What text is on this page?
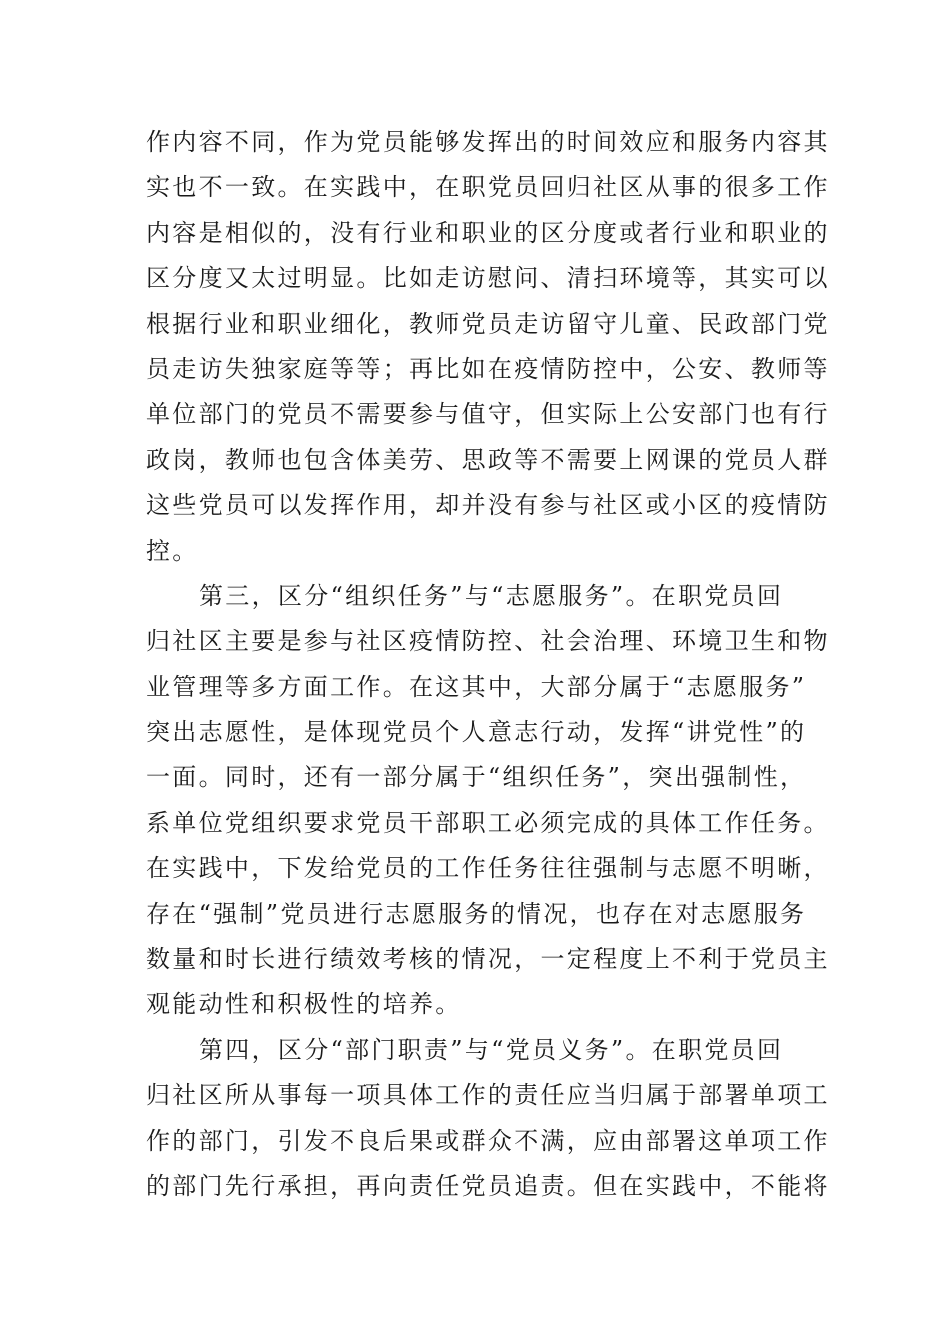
作内容不同，作为党员能够发挥出的时间效应和服务内容其
实也不一致。在实践中，在职党员回归社区从事的很多工作
内容是相似的，没有行业和职业的区分度或者行业和职业的
区分度又太过明显。比如走访慰问、清扫环境等，其实可以
根据行业和职业细化，教师党员走访留守儿童、民政部门党
员走访失独家庭等等；再比如在疫情防控中，公安、教师等
单位部门的党员不需要参与值守，但实际上公安部门也有行
政岗，教师也包含体美劳、思政等不需要上网课的党员人群
这些党员可以发挥作用，却并没有参与社区或小区的疫情防
控。
第三，区分“组织任务”与“志愿服务”。在职党员回
归社区主要是参与社区疫情防控、社会治理、环境卫生和物
业管理等多方面工作。在这其中，大部分属于“志愿服务”
突出志愿性，是体现党员个人意志行动，发挥“讲党性”的
一面。同时，还有一部分属于“组织任务”，突出强制性，
系单位党组织要求党员干部职工必须完成的具体工作任务。
在实践中，下发给党员的工作任务往往强制与志愿不明晰，
存在“强制”党员进行志愿服务的情况，也存在对志愿服务
数量和时长进行绩效考核的情况，一定程度上不利于党员主
观能动性和积极性的培养。
第四，区分“部门职责”与“党员义务”。在职党员回
归社区所从事每一项具体工作的责任应当归属于部署单项工
作的部门，引发不良后果或群众不满，应由部署这单项工作
的部门先行承担，再向责任党员追责。但在实践中，不能将
